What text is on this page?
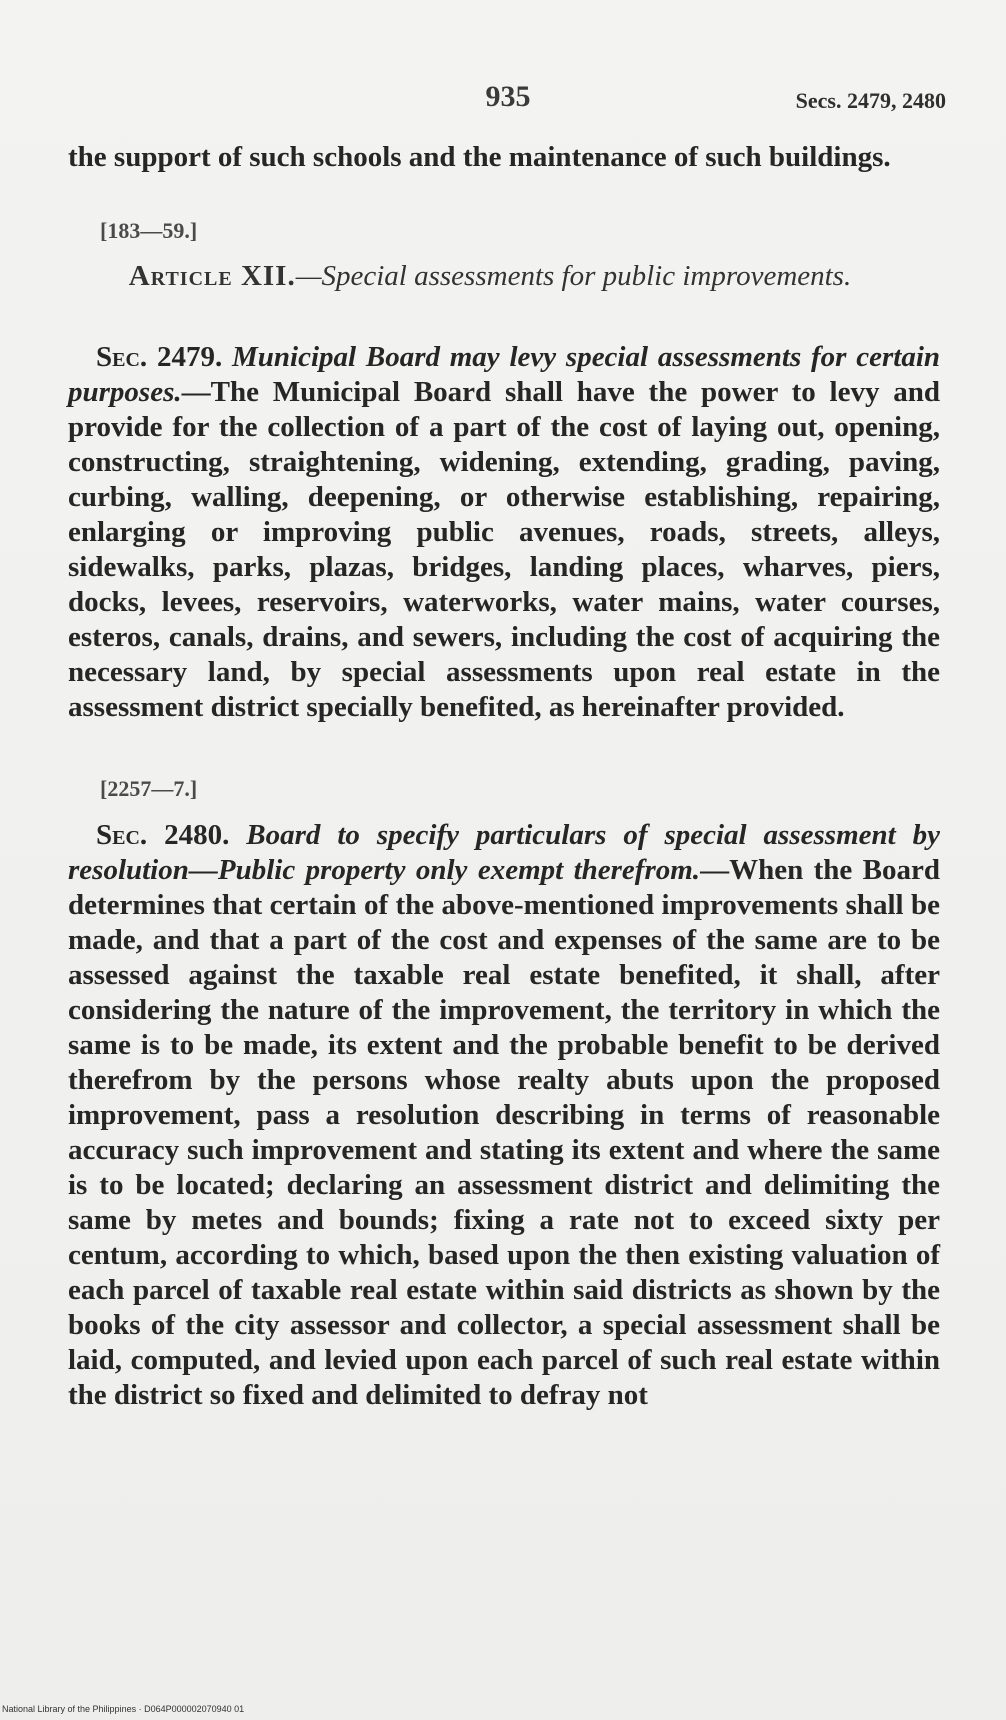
935	Secs. 2479, 2480
the support of such schools and the maintenance of such buildings.
[183—59.]
Article XII.—Special assessments for public improvements.
Sec. 2479. Municipal Board may levy special assessments for certain purposes.—The Municipal Board shall have the power to levy and provide for the collection of a part of the cost of laying out, opening, constructing, straightening, widening, extending, grading, paving, curbing, walling, deepening, or otherwise establishing, repairing, enlarging or improving public avenues, roads, streets, alleys, sidewalks, parks, plazas, bridges, landing places, wharves, piers, docks, levees, reservoirs, waterworks, water mains, water courses, esteros, canals, drains, and sewers, including the cost of acquiring the necessary land, by special assessments upon real estate in the assessment district specially benefited, as hereinafter provided.
[2257—7.]
Sec. 2480. Board to specify particulars of special assessment by resolution—Public property only exempt therefrom.—When the Board determines that certain of the above-mentioned improvements shall be made, and that a part of the cost and expenses of the same are to be assessed against the taxable real estate benefited, it shall, after considering the nature of the improvement, the territory in which the same is to be made, its extent and the probable benefit to be derived therefrom by the persons whose realty abuts upon the proposed improvement, pass a resolution describing in terms of reasonable accuracy such improvement and stating its extent and where the same is to be located; declaring an assessment district and delimiting the same by metes and bounds; fixing a rate not to exceed sixty per centum, according to which, based upon the then existing valuation of each parcel of taxable real estate within said districts as shown by the books of the city assessor and collector, a special assessment shall be laid, computed, and levied upon each parcel of such real estate within the district so fixed and delimited to defray not
National Library of the Philippines · D064P000002070940 01
